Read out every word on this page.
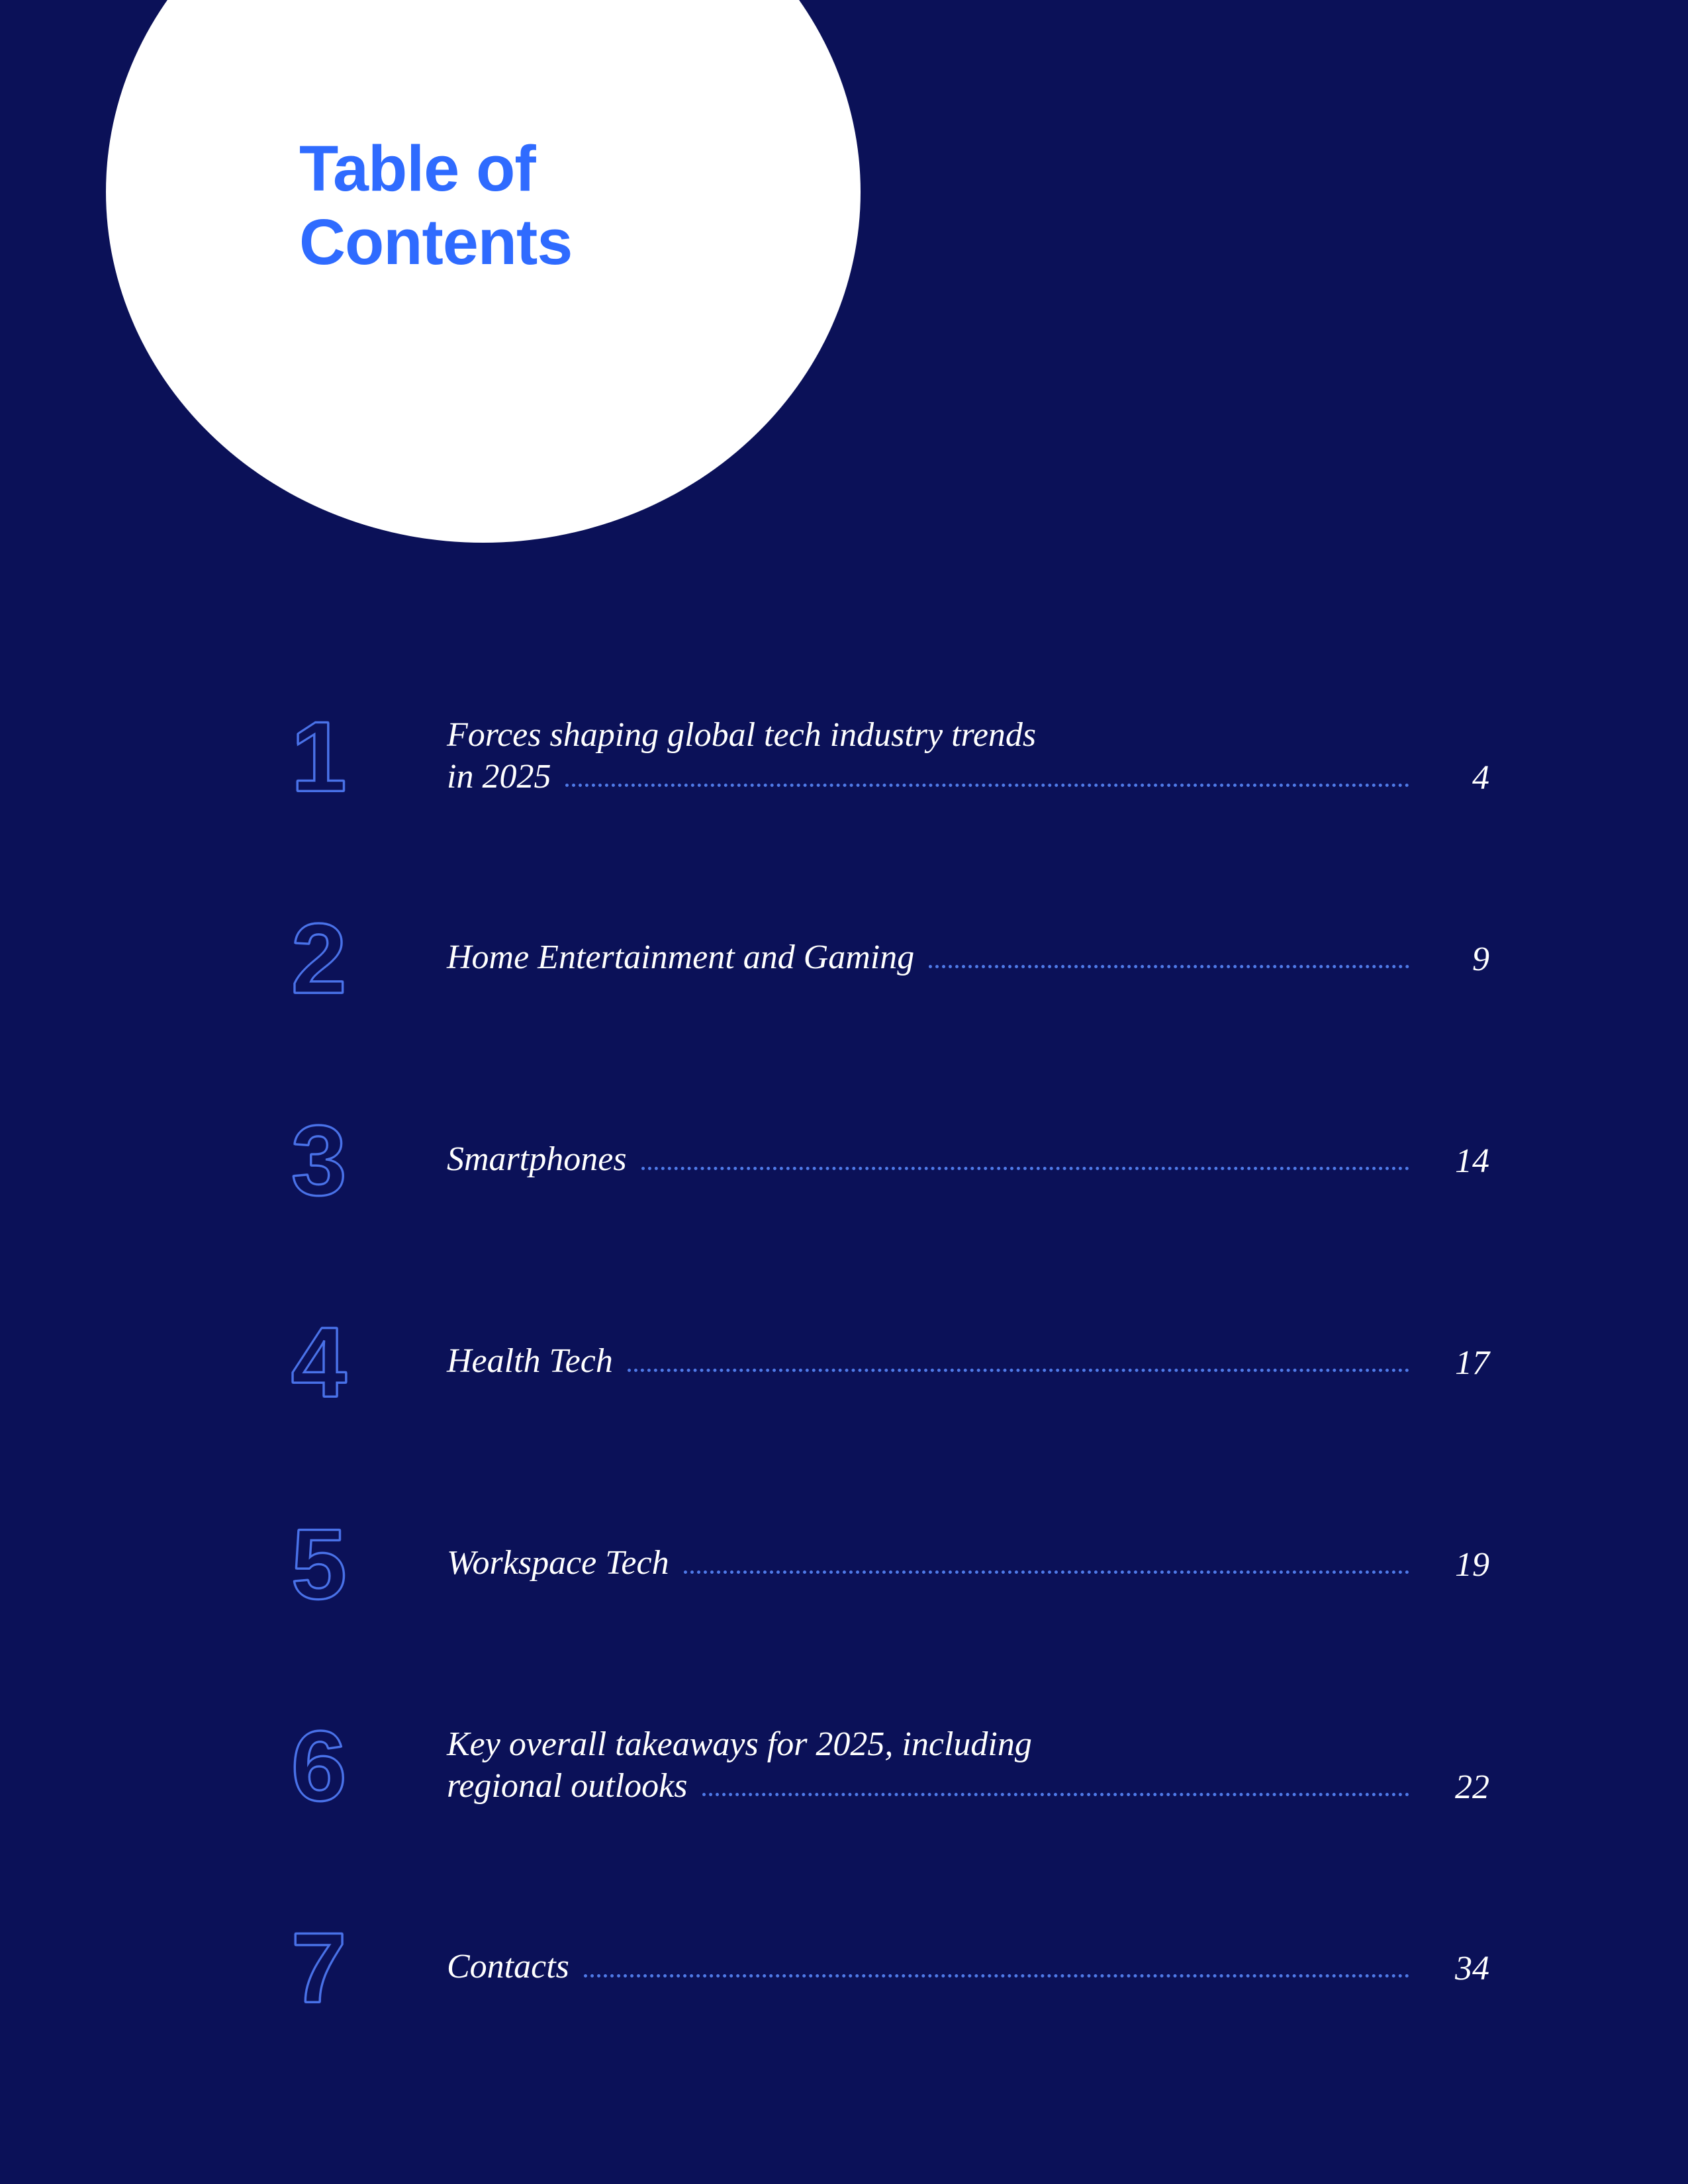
Table of
Contents
1	Forces shaping global tech industry trends
in 2025	4
2	Home Entertainment and Gaming	9
3	Smartphones	14
4	Health Tech	17
5	Workspace Tech	19
6	Key overall takeaways for 2025, including
regional outlooks	22
7	Contacts	34
